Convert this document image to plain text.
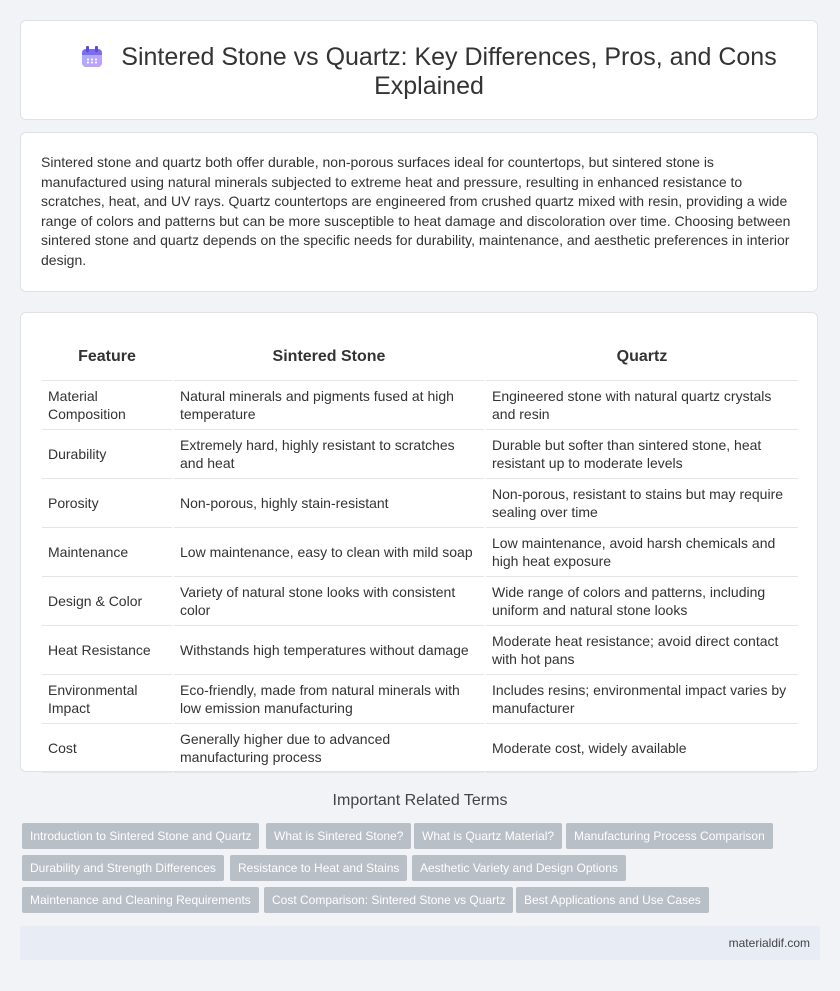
Sintered Stone vs Quartz: Key Differences, Pros, and Cons Explained

Sintered stone and quartz both offer durable, non-porous surfaces ideal for countertops, but sintered stone is manufactured using natural minerals subjected to extreme heat and pressure, resulting in enhanced resistance to scratches, heat, and UV rays. Quartz countertops are engineered from crushed quartz mixed with resin, providing a wide range of colors and patterns but can be more susceptible to heat damage and discoloration over time. Choosing between sintered stone and quartz depends on the specific needs for durability, maintenance, and aesthetic preferences in interior design.

Feature		Sintered Stone		Quartz
Material Composition		Natural minerals and pigments fused at high temperature		Engineered stone with natural quartz crystals and resin
Durability		Extremely hard, highly resistant to scratches and heat		Durable but softer than sintered stone, heat resistant up to moderate levels
Porosity		Non-porous, highly stain-resistant		Non-porous, resistant to stains but may require sealing over time
Maintenance		Low maintenance, easy to clean with mild soap		Low maintenance, avoid harsh chemicals and high heat exposure
Design & Color		Variety of natural stone looks with consistent color		Wide range of colors and patterns, including uniform and natural stone looks
Heat Resistance		Withstands high temperatures without damage		Moderate heat resistance; avoid direct contact with hot pans
Environmental Impact		Eco-friendly, made from natural minerals with low emission manufacturing		Includes resins; environmental impact varies by manufacturer
Cost		Generally higher due to advanced manufacturing process		Moderate cost, widely available
Important Related Terms
Introduction to Sintered Stone and Quartz	What is Sintered Stone?	What is Quartz Material?	Manufacturing Process Comparison
Durability and Strength Differences	Resistance to Heat and Stains	Aesthetic Variety and Design Options
Maintenance and Cleaning Requirements	Cost Comparison: Sintered Stone vs Quartz	Best Applications and Use Cases
materialdif.com
